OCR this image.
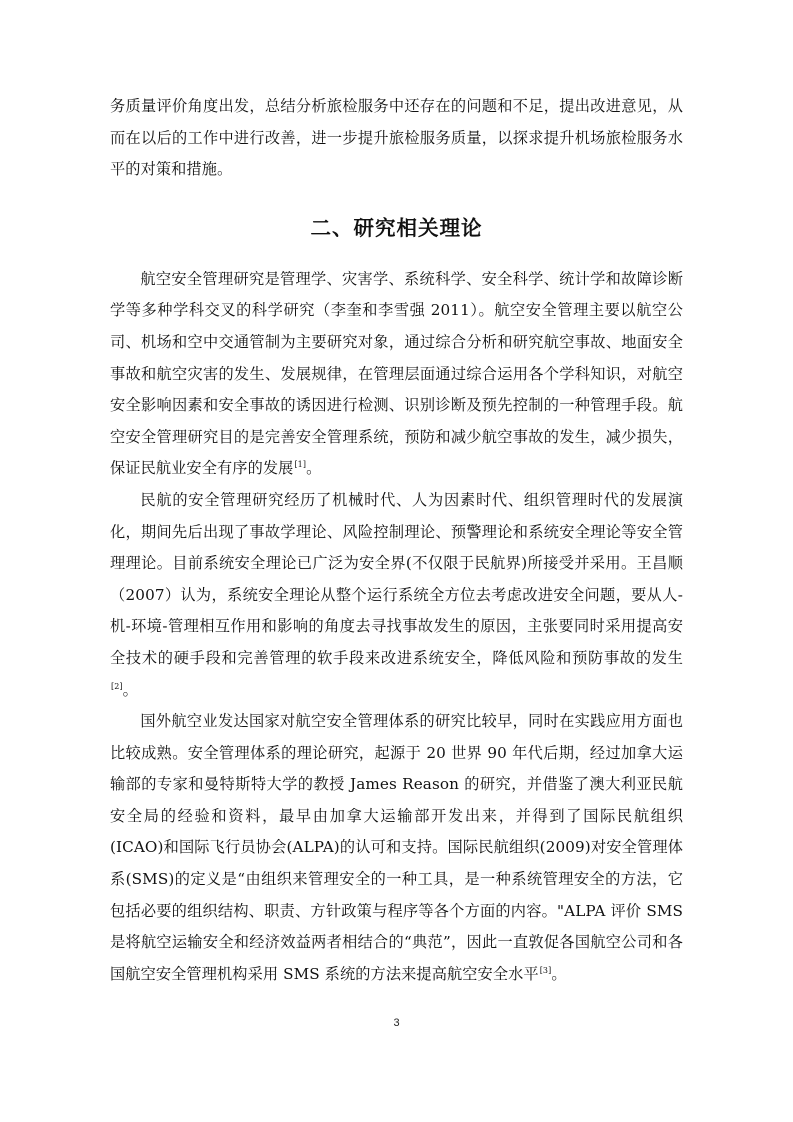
务质量评价角度出发，总结分析旅检服务中还存在的问题和不足，提出改进意见，从而在以后的工作中进行改善，进一步提升旅检服务质量，以探求提升机场旅检服务水平的对策和措施。

二、研究相关理论

航空安全管理研究是管理学、灾害学、系统科学、安全科学、统计学和故障诊断学等多种学科交叉的科学研究（李奎和李雪强 2011）。航空安全管理主要以航空公司、机场和空中交通管制为主要研究对象，通过综合分析和研究航空事故、地面安全事故和航空灾害的发生、发展规律，在管理层面通过综合运用各个学科知识，对航空安全影响因素和安全事故的诱因进行检测、识别诊断及预先控制的一种管理手段。航空安全管理研究目的是完善安全管理系统，预防和减少航空事故的发生，减少损失，保证民航业安全有序的发展[1]。

民航的安全管理研究经历了机械时代、人为因素时代、组织管理时代的发展演化，期间先后出现了事故学理论、风险控制理论、预警理论和系统安全理论等安全管理理论。目前系统安全理论已广泛为安全界(不仅限于民航界)所接受并采用。王昌顺（2007）认为，系统安全理论从整个运行系统全方位去考虑改进安全问题，要从人-机-环境-管理相互作用和影响的角度去寻找事故发生的原因，主张要同时采用提高安全技术的硬手段和完善管理的软手段来改进系统安全，降低风险和预防事故的发生[2]。

国外航空业发达国家对航空安全管理体系的研究比较早，同时在实践应用方面也比较成熟。安全管理体系的理论研究，起源于 20 世界 90 年代后期，经过加拿大运输部的专家和曼特斯特大学的教授 James Reason 的研究，并借鉴了澳大利亚民航安全局的经验和资料，最早由加拿大运输部开发出来，并得到了国际民航组织(ICAO)和国际飞行员协会(ALPA)的认可和支持。国际民航组织(2009)对安全管理体系(SMS)的定义是“由组织来管理安全的一种工具，是一种系统管理安全的方法，它包括必要的组织结构、职责、方针政策与程序等各个方面的内容。"ALPA 评价 SMS 是将航空运输安全和经济效益两者相结合的“典范”，因此一直敦促各国航空公司和各国航空安全管理机构采用 SMS 系统的方法来提高航空安全水平[3]。

3
